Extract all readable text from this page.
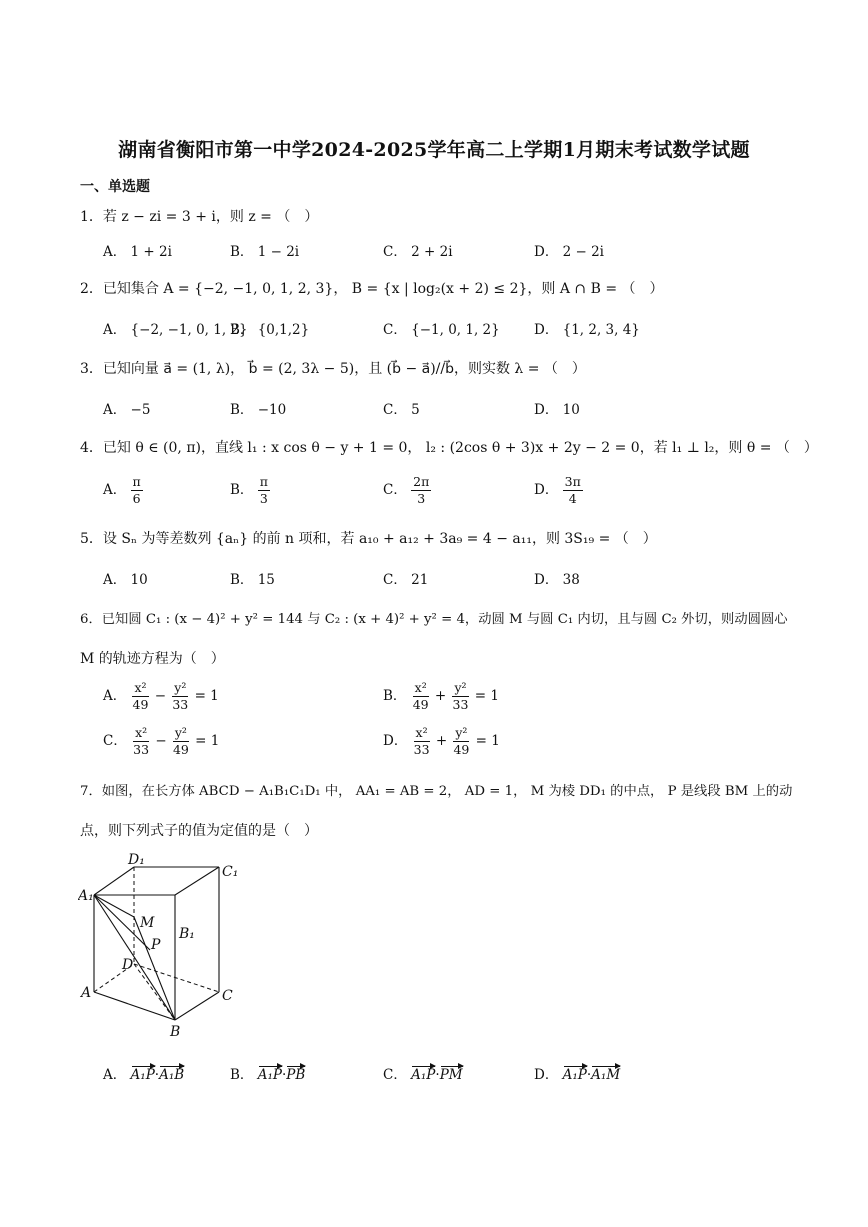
湖南省衡阳市第一中学2024-2025学年高二上学期1月期末考试数学试题
一、单选题
1．若 z − zi = 3 + i，则 z = （　）
A． 1 + 2i	B． 1 − 2i	C． 2 + 2i	D． 2 − 2i
2．已知集合 A = {−2, −1, 0, 1, 2, 3}， B = {x | log₂(x + 2) ≤ 2}，则 A ∩ B = （　）
A． {−2, −1, 0, 1, 2}
B． {0,1,2}	C． {−1, 0, 1, 2}	D． {1, 2, 3, 4}
3．已知向量 a⃗ = (1, λ)， b⃗ = (2, 3λ − 5)，且 (b⃗ − a⃗)//b⃗，则实数 λ = （　）
A． −5	B． −10	C． 5	D． 10
4．已知 θ ∈ (0, π)，直线 l₁ : x cos θ − y + 1 = 0， l₂ : (2cos θ + 3)x + 2y − 2 = 0，若 l₁ ⊥ l₂，则 θ = （　）
A． $\frac{\pi}{6}$	B． $\frac{\pi}{3}$	C． $\frac{2\pi}{3}$	D． $\frac{3\pi}{4}$
5．设 Sₙ 为等差数列 {aₙ} 的前 n 项和，若 a₁₀ + a₁₂ + 3a₉ = 4 − a₁₁，则 3S₁₉ = （　）
A． 10	B． 15	C． 21	D． 38
6．已知圆 C₁ : (x − 4)² + y² = 144 与 C₂ : (x + 4)² + y² = 4，动圆 M 与圆 C₁ 内切，且与圆 C₂ 外切，则动圆圆心
M 的轨迹方程为（　）
A． $\frac{\text{x²}}{49} - \frac{\text{y²}}{33} = 1$	B． $\frac{\text{x²}}{49} + \frac{\text{y²}}{33} = 1$
C． $\frac{\text{x²}}{33} - \frac{\text{y²}}{49} = 1$	D． $\frac{\text{x²}}{33} + \frac{\text{y²}}{49} = 1$
7．如图，在长方体 ABCD − A₁B₁C₁D₁ 中， AA₁ = AB = 2， AD = 1， M 为棱 DD₁ 的中点， P 是线段 BM 上的动
点，则下列式子的值为定值的是（　）
D₁
A₁
C₁
B₁
M
P
D
A	C
B
A． A₁P·A₁B	B． A₁P·PB	C． A₁P·PM	D． A₁P·A₁M
